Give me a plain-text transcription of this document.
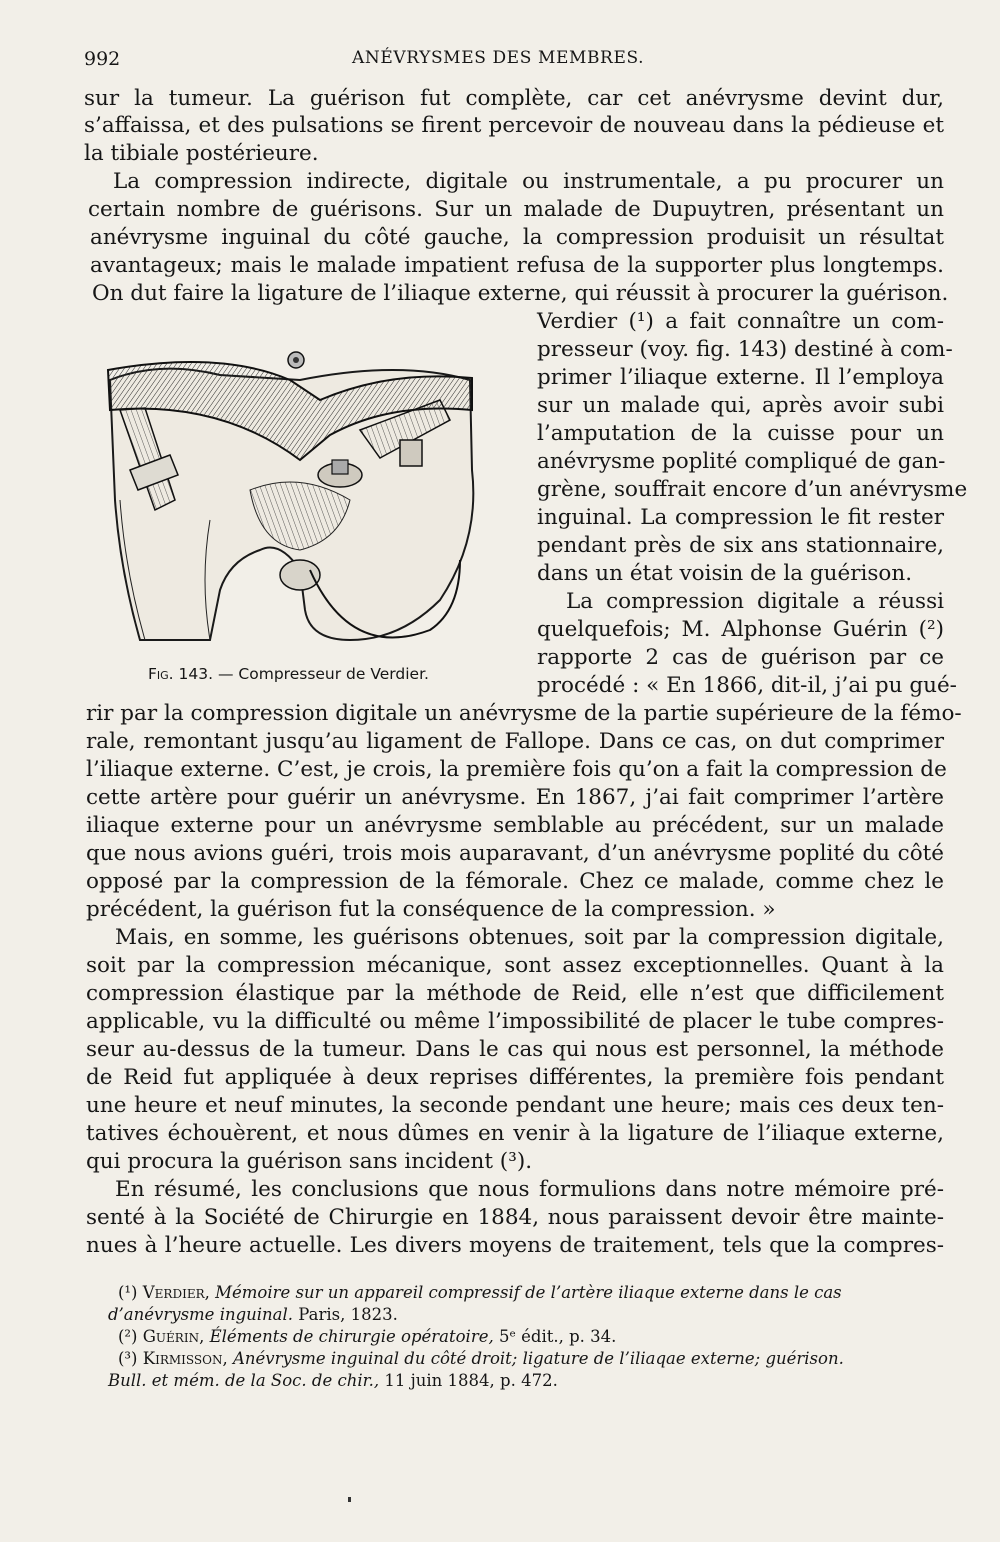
992	ANÉVRYSMES DES MEMBRES.
sur la tumeur. La guérison fut complète, car cet anévrysme devint dur,
s’affaissa, et des pulsations se firent percevoir de nouveau dans la pédieuse et
la tibiale postérieure.
La compression indirecte, digitale ou instrumentale, a pu procurer un
certain nombre de guérisons. Sur un malade de Dupuytren, présentant un
anévrysme inguinal du côté gauche, la compression produisit un résultat
avantageux; mais le malade impatient refusa de la supporter plus longtemps.
On dut faire la ligature de l’iliaque externe, qui réussit à procurer la guérison.
Verdier (¹) a fait connaître un com-
presseur (voy. fig. 143) destiné à com-
primer l’iliaque externe. Il l’employa
sur un malade qui, après avoir subi
l’amputation de la cuisse pour un
anévrysme poplité compliqué de gan-
grène, souffrait encore d’un anévrysme
inguinal. La compression le fit rester
pendant près de six ans stationnaire,
dans un état voisin de la guérison.
La compression digitale a réussi
quelquefois; M. Alphonse Guérin (²)
rapporte 2 cas de guérison par ce
procédé : « En 1866, dit-il, j’ai pu gué-
Fig. 143. — Compresseur de Verdier.
rir par la compression digitale un anévrysme de la partie supérieure de la fémo-
rale, remontant jusqu’au ligament de Fallope. Dans ce cas, on dut comprimer
l’iliaque externe. C’est, je crois, la première fois qu’on a fait la compression de
cette artère pour guérir un anévrysme. En 1867, j’ai fait comprimer l’artère
iliaque externe pour un anévrysme semblable au précédent, sur un malade
que nous avions guéri, trois mois auparavant, d’un anévrysme poplité du côté
opposé par la compression de la fémorale. Chez ce malade, comme chez le
précédent, la guérison fut la conséquence de la compression. »
Mais, en somme, les guérisons obtenues, soit par la compression digitale,
soit par la compression mécanique, sont assez exceptionnelles. Quant à la
compression élastique par la méthode de Reid, elle n’est que difficilement
applicable, vu la difficulté ou même l’impossibilité de placer le tube compres-
seur au-dessus de la tumeur. Dans le cas qui nous est personnel, la méthode
de Reid fut appliquée à deux reprises différentes, la première fois pendant
une heure et neuf minutes, la seconde pendant une heure; mais ces deux ten-
tatives échouèrent, et nous dûmes en venir à la ligature de l’iliaque externe,
qui procura la guérison sans incident (³).
En résumé, les conclusions que nous formulions dans notre mémoire pré-
senté à la Société de Chirurgie en 1884, nous paraissent devoir être mainte-
nues à l’heure actuelle. Les divers moyens de traitement, tels que la compres-
(¹) Verdier, Mémoire sur un appareil compressif de l’artère iliaque externe dans le cas
d’anévrysme inguinal. Paris, 1823.
(²) Guérin, Éléments de chirurgie opératoire, 5ᵉ édit., p. 34.
(³) Kirmisson, Anévrysme inguinal du côté droit; ligature de l’iliaqae externe; guérison.
Bull. et mém. de la Soc. de chir., 11 juin 1884, p. 472.
